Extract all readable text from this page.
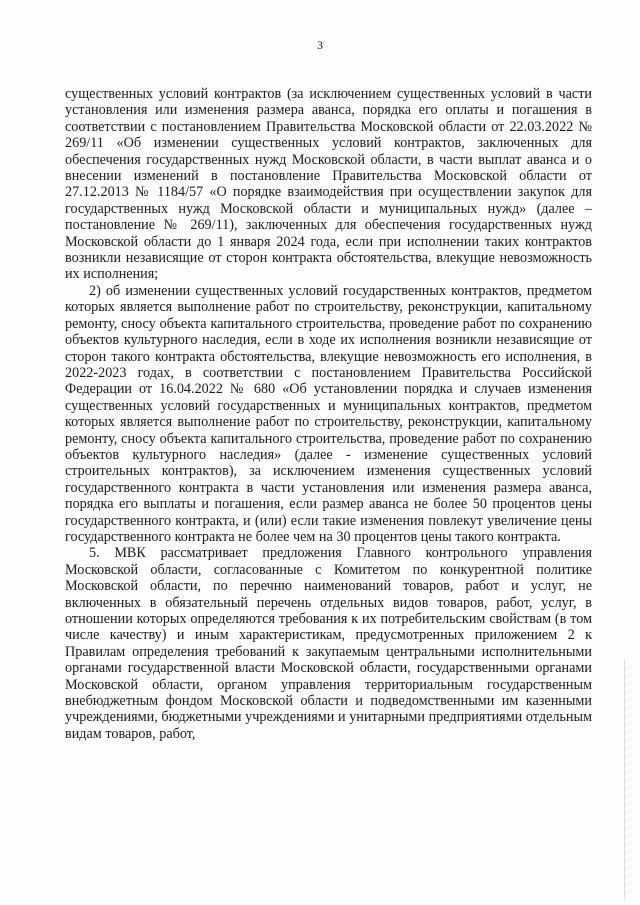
3

существенных условий контрактов (за исключением существенных условий в части установления или изменения размера аванса, порядка его оплаты и погашения в соответствии с постановлением Правительства Московской области от 22.03.2022 № 269/11 «Об изменении существенных условий контрактов, заключенных для обеспечения государственных нужд Московской области, в части выплат аванса и о внесении изменений в постановление Правительства Московской области от 27.12.2013 № 1184/57 «О порядке взаимодействия при осуществлении закупок для государственных нужд Московской области и муниципальных нужд» (далее – постановление № 269/11), заключенных для обеспечения государственных нужд Московской области до 1 января 2024 года, если при исполнении таких контрактов возникли независящие от сторон контракта обстоятельства, влекущие невозможность их исполнения;

2) об изменении существенных условий государственных контрактов, предметом которых является выполнение работ по строительству, реконструкции, капитальному ремонту, сносу объекта капитального строительства, проведение работ по сохранению объектов культурного наследия, если в ходе их исполнения возникли независящие от сторон такого контракта обстоятельства, влекущие невозможность его исполнения, в 2022-2023 годах, в соответствии с постановлением Правительства Российской Федерации от 16.04.2022 № 680 «Об установлении порядка и случаев изменения существенных условий государственных и муниципальных контрактов, предметом которых является выполнение работ по строительству, реконструкции, капитальному ремонту, сносу объекта капитального строительства, проведение работ по сохранению объектов культурного наследия» (далее - изменение существенных условий строительных контрактов), за исключением изменения существенных условий государственного контракта в части установления или изменения размера аванса, порядка его выплаты и погашения, если размер аванса не более 50 процентов цены государственного контракта, и (или) если такие изменения повлекут увеличение цены государственного контракта не более чем на 30 процентов цены такого контракта.

5. МВК рассматривает предложения Главного контрольного управления Московской области, согласованные с Комитетом по конкурентной политике Московской области, по перечню наименований товаров, работ и услуг, не включенных в обязательный перечень отдельных видов товаров, работ, услуг, в отношении которых определяются требования к их потребительским свойствам (в том числе качеству) и иным характеристикам, предусмотренных приложением 2 к Правилам определения требований к закупаемым центральными исполнительными органами государственной власти Московской области, государственными органами Московской области, органом управления территориальным государственным внебюджетным фондом Московской области и подведомственными им казенными учреждениями, бюджетными учреждениями и унитарными предприятиями отдельным видам товаров, работ,
